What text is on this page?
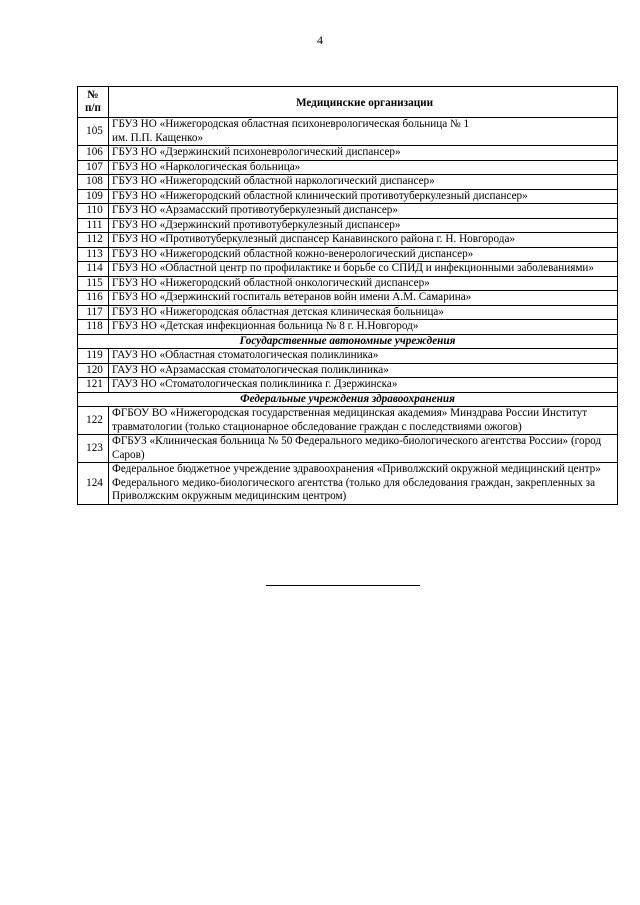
4
№
п/п	Медицинские организации
105	ГБУЗ НО «Нижегородская областная психоневрологическая больница № 1
им. П.П. Кащенко»
106	ГБУЗ НО «Дзержинский психоневрологический диспансер»
107	ГБУЗ НО «Наркологическая больница»
108	ГБУЗ НО «Нижегородский областной наркологический диспансер»
109	ГБУЗ НО «Нижегородский областной клинический противотуберкулезный диспансер»
110	ГБУЗ НО «Арзамасский противотуберкулезный диспансер»
111	ГБУЗ НО «Дзержинский противотуберкулезный диспансер»
112	ГБУЗ НО «Противотуберкулезный диспансер Канавинского района г. Н. Новгорода»
113	ГБУЗ НО «Нижегородский областной кожно-венерологический диспансер»
114	ГБУЗ НО «Областной центр по профилактике и борьбе со СПИД и инфекционными заболеваниями»
115	ГБУЗ НО «Нижегородский областной онкологический диспансер»
116	ГБУЗ НО «Дзержинский госпиталь ветеранов войн имени А.М. Самарина»
117	ГБУЗ НО «Нижегородская областная детская клиническая больница»
118	ГБУЗ НО «Детская инфекционная больница № 8 г. Н.Новгород»
Государственные автономные учреждения	
119	ГАУЗ НО «Областная стоматологическая поликлиника»
120	ГАУЗ НО «Арзамасская стоматологическая поликлиника»
121	ГАУЗ НО «Стоматологическая поликлиника г. Дзержинска»
Федеральные учреждения здравоохранения	
122	ФГБОУ ВО «Нижегородская государственная медицинская академия» Минздрава России Институт травматологии (только стационарное обследование граждан с последствиями ожогов)
123	ФГБУЗ «Клиническая больница № 50 Федерального медико-биологического агентства России» (город Саров)
124	Федеральное бюджетное учреждение здравоохранения «Приволжский окружной медицинский центр» Федерального медико-биологического агентства (только для обследования граждан, закрепленных за Приволжским окружным медицинским центром)
